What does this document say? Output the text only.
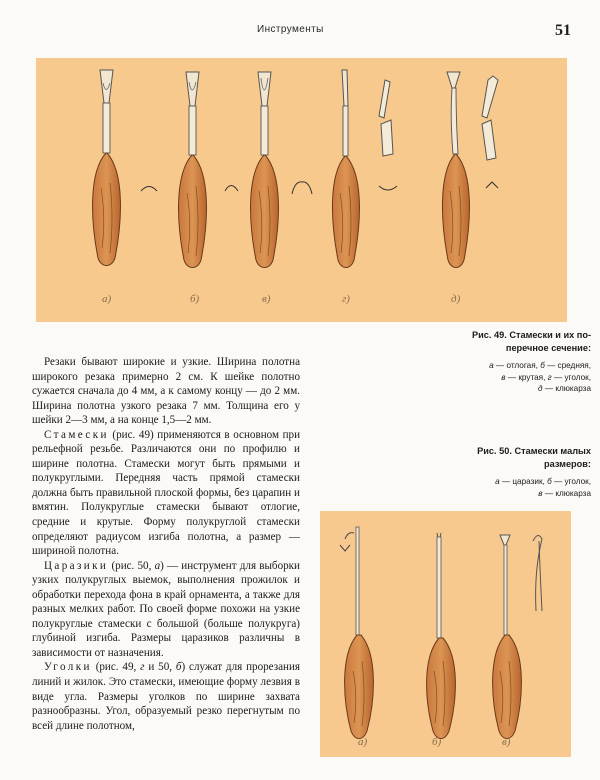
Инструменты	51
а)	б)	в)	г)	д)
Рис. 49. Стамески и их по-
перечное сечение:
а — отлогая, б — средняя,
в — крутая, г — уголок,
д — клюкарза
Рис. 50. Стамески малых
размеров:
а — царазик, б — уголок,
в — клюкарза
а)	б)	в)

Резаки бывают широкие и узкие. Ширина полотна широкого резака примерно 2 см. К шейке полотно сужается сначала до 4 мм, а к самому концу — до 2 мм. Ширина полотна узкого резака 7 мм. Толщина его у шейки 2—3 мм, а на конце 1,5—2 мм.

Стамески (рис. 49) применяются в основном при рельефной резьбе. Различаются они по профилю и ширине полотна. Стамески могут быть прямыми и полукруглыми. Передняя часть прямой стамески должна быть правильной плоской формы, без царапин и вмятин. Полукруглые стамески бывают отлогие, средние и крутые. Форму полукруглой стамески определяют радиусом изгиба полотна, а размер — шириной полотна.

Царазики (рис. 50, а) — инструмент для выборки узких полукруглых выемок, выполнения прожилок и обработки перехода фона в край орнамента, а также для разных мелких работ. По своей форме похожи на узкие полукруглые стамески с большой (больше полукруга) глубиной изгиба. Размеры царазиков различны в зависимости от назначения.

Уголки (рис. 49, г и 50, б) служат для прорезания линий и жилок. Это стамески, имеющие форму лезвия в виде угла. Размеры уголков по ширине захвата разнообразны. Угол, образуемый резко перегнутым по всей длине полотном,
